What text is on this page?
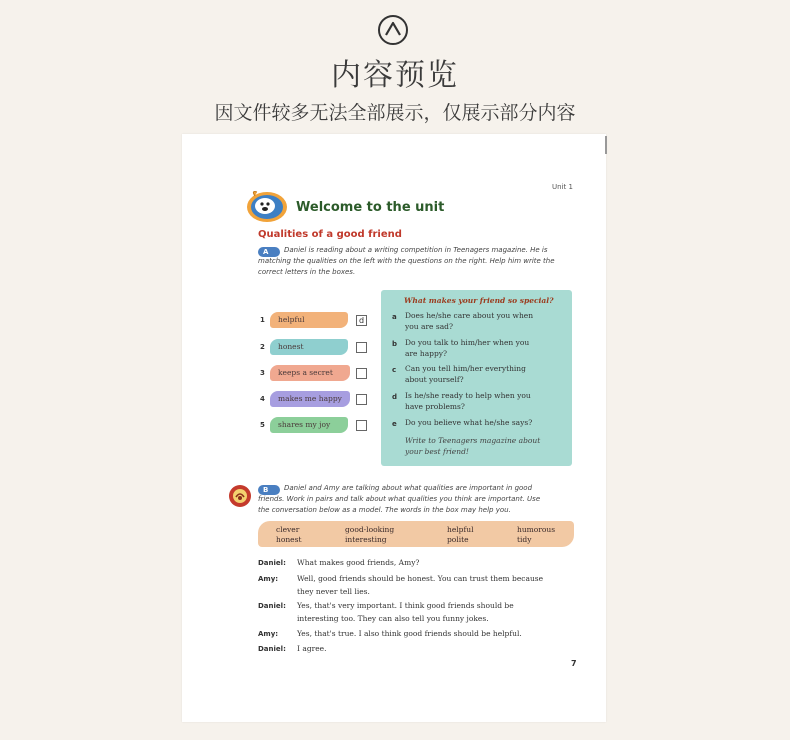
内容预览
因文件较多无法全部展示，仅展示部分内容
Unit 1
Welcome to the unit
Qualities of a good friend
A	Daniel is reading about a writing competition in Teenagers magazine. He is
matching the qualities on the left with the questions on the right. Help him write the
correct letters in the boxes.
1	helpful	d
2	honest
3	keeps a secret
4	makes me happy
5	shares my joy
What makes your friend so special?
a Does he/she care about you when
you are sad?
b Do you talk to him/her when you
are happy?
c Can you tell him/her everything
about yourself?
d Is he/she ready to help when you
have problems?
e Do you believe what he/she says?
Write to Teenagers magazine about
your best friend!
B	Daniel and Amy are talking about what qualities are important in good
friends. Work in pairs and talk about what qualities you think are important. Use
the conversation below as a model. The words in the box may help you.
clever	good-looking	helpful	humorous
honest	interesting	polite	tidy
Daniel: What makes good friends, Amy?
Amy:	Well, good friends should be honest. You can trust them because
they never tell lies.
Daniel: Yes, that's very important. I think good friends should be
interesting too. They can also tell you funny jokes.
Amy:	Yes, that's true. I also think good friends should be helpful.
Daniel: I agree.
7
